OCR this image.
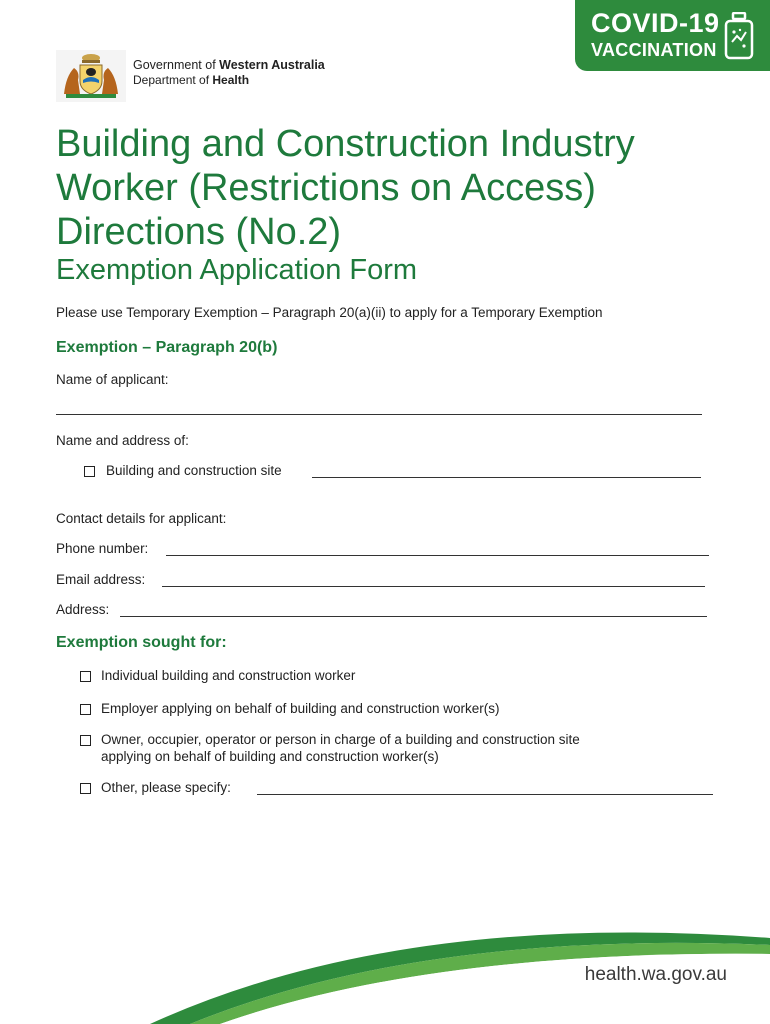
Government of Western Australia
Department of Health
COVID-19
VACCINATION
Building and Construction Industry
Worker (Restrictions on Access)
Directions (No.2)
Exemption Application Form
Please use Temporary Exemption – Paragraph 20(a)(ii) to apply for a Temporary Exemption
Exemption – Paragraph 20(b)
Name of applicant:
Name and address of:
Building and construction site
Contact details for applicant:
Phone number:
Email address:
Address:
Exemption sought for:
Individual building and construction worker
Employer applying on behalf of building and construction worker(s)
Owner, occupier, operator or person in charge of a building and construction site
applying on behalf of building and construction worker(s)
Other, please specify:
health.wa.gov.au
